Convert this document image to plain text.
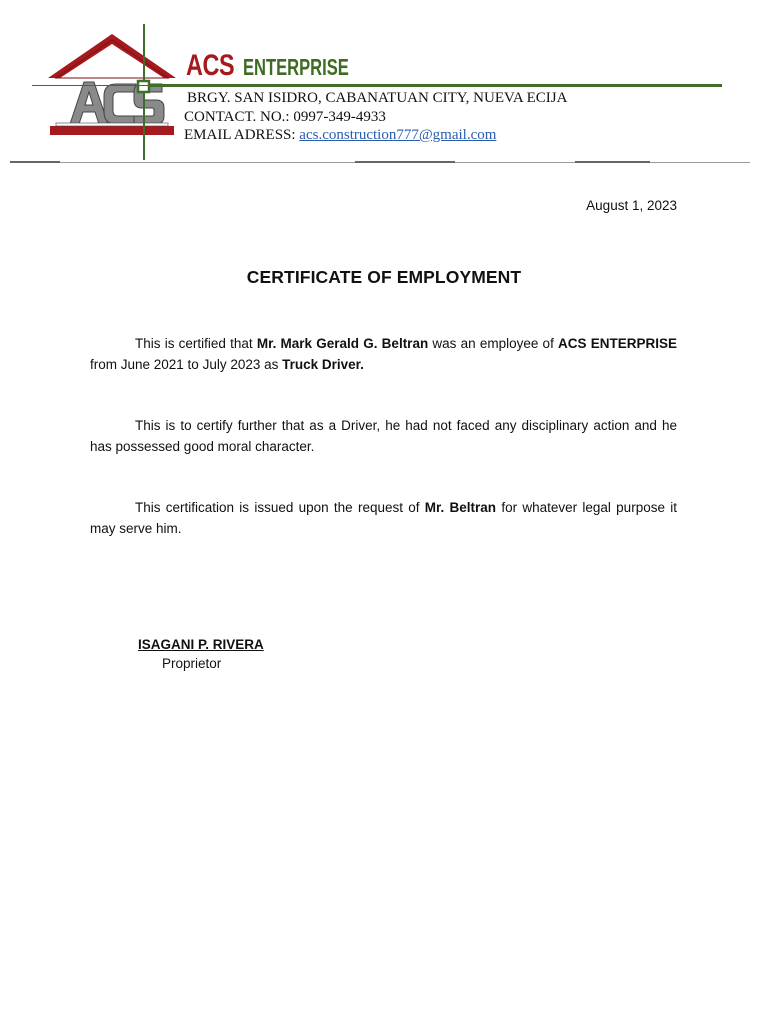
ACS ENTERPRISE
BRGY. SAN ISIDRO, CABANATUAN CITY, NUEVA ECIJA
CONTACT. NO.: 0997-349-4933
EMAIL ADRESS: acs.construction777@gmail.com
August 1, 2023
CERTIFICATE OF EMPLOYMENT

This is certified that Mr. Mark Gerald G. Beltran was an employee of ACS ENTERPRISE from June 2021 to July 2023 as Truck Driver.

This is to certify further that as a Driver, he had not faced any disciplinary action and he has possessed good moral character.

This certification is issued upon the request of Mr. Beltran for whatever legal purpose it may serve him.

ISAGANI P. RIVERA
Proprietor
